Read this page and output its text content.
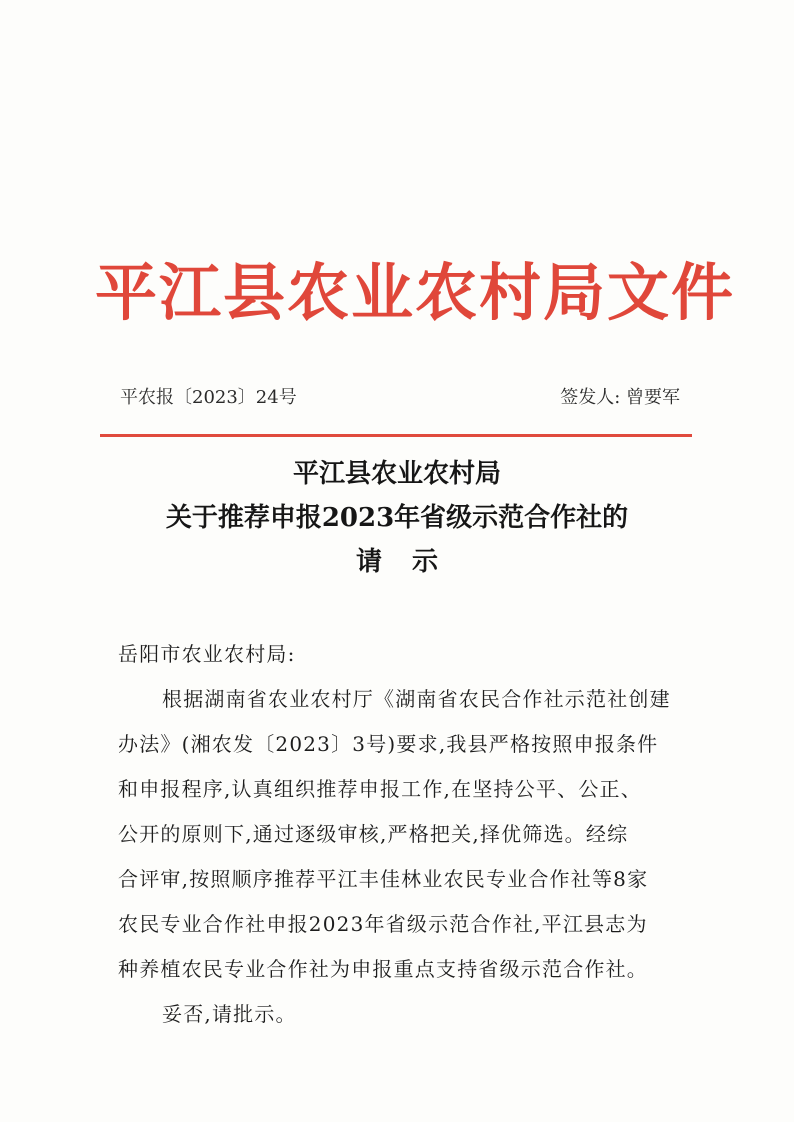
平江县农业农村局文件
平农报〔2023〕24号	签发人: 曾要军
平江县农业农村局
关于推荐申报2023年省级示范合作社的
请示
岳阳市农业农村局:
根据湖南省农业农村厅《湖南省农民合作社示范社创建
办法》(湘农发〔2023〕3号)要求,我县严格按照申报条件
和申报程序,认真组织推荐申报工作,在坚持公平、公正、
公开的原则下,通过逐级审核,严格把关,择优筛选。经综
合评审,按照顺序推荐平江丰佳林业农民专业合作社等8家
农民专业合作社申报2023年省级示范合作社,平江县志为
种养植农民专业合作社为申报重点支持省级示范合作社。
妥否,请批示。
